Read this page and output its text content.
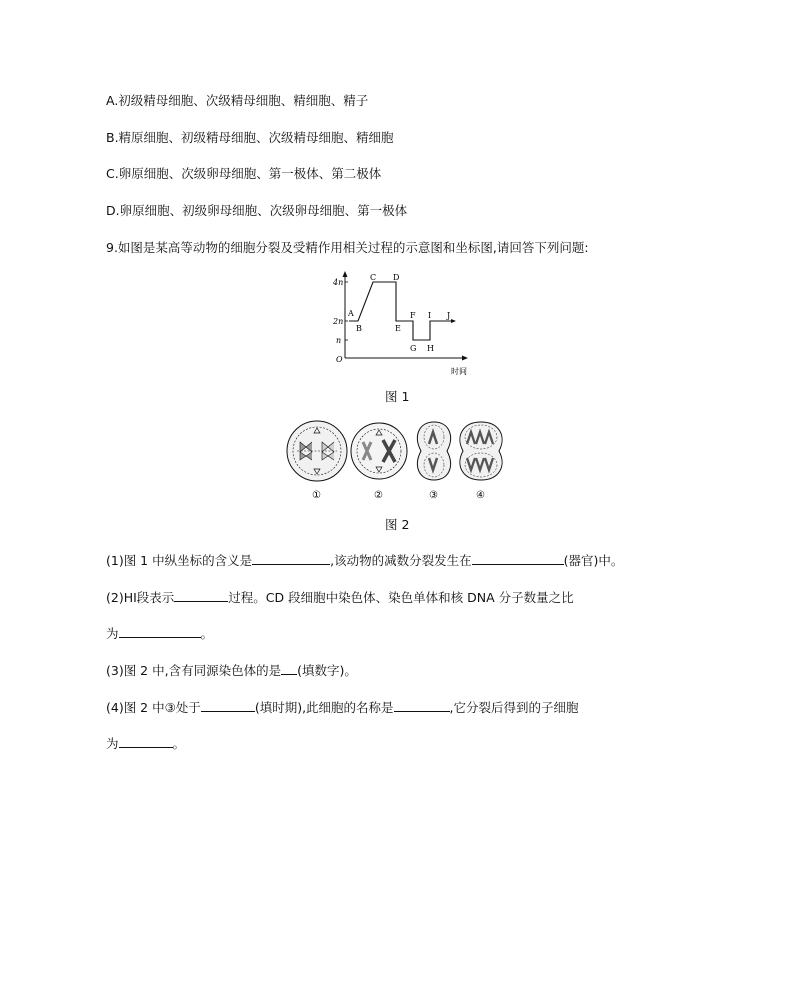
A.初级精母细胞、次级精母细胞、精细胞、精子
B.精原细胞、初级精母细胞、次级精母细胞、精细胞
C.卵原细胞、次级卵母细胞、第一极体、第二极体
D.卵原细胞、初级卵母细胞、次级卵母细胞、第一极体
9.如图是某高等动物的细胞分裂及受精作用相关过程的示意图和坐标图,请回答下列问题:
4n
2n
n
O
A
B
C D
E
F
G H
I J
时间
图 1
①	②	③	④
图 2
(1)图 1 中纵坐标的含义是	,该动物的减数分裂发生在	(器官)中。
(2)HI段表示	过程。CD 段细胞中染色体、染色单体和核 DNA 分子数量之比
为	。
(3)图 2 中,含有同源染色体的是 (填数字)。
(4)图 2 中③处于	(填时期),此细胞的名称是	,它分裂后得到的子细胞
为	。
